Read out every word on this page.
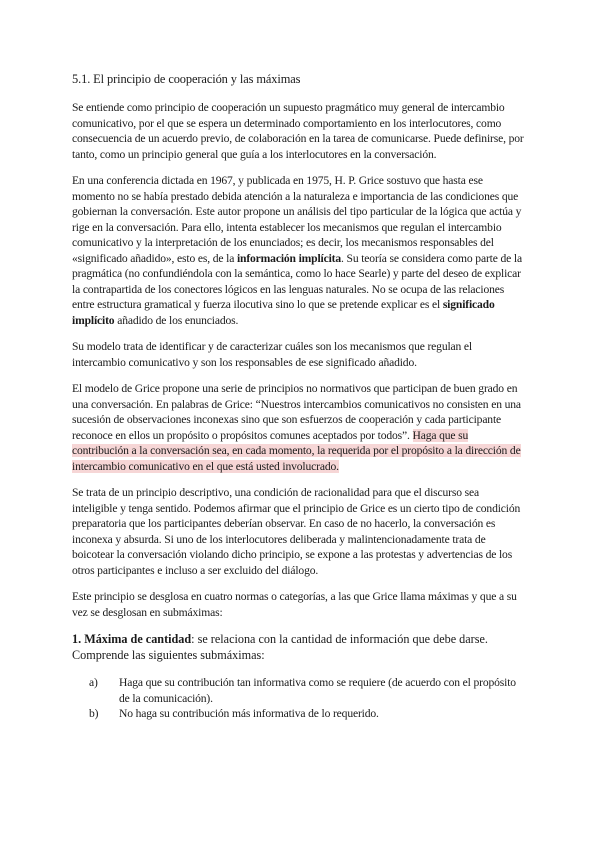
5.1. El principio de cooperación y las máximas

Se entiende como principio de cooperación un supuesto pragmático muy general de intercambio comunicativo, por el que se espera un determinado comportamiento en los interlocutores, como consecuencia de un acuerdo previo, de colaboración en la tarea de comunicarse. Puede definirse, por tanto, como un principio general que guía a los interlocutores en la conversación.

En una conferencia dictada en 1967, y publicada en 1975, H. P. Grice sostuvo que hasta ese momento no se había prestado debida atención a la naturaleza e importancia de las condiciones que gobiernan la conversación. Este autor propone un análisis del tipo particular de la lógica que actúa y rige en la conversación. Para ello, intenta establecer los mecanismos que regulan el intercambio comunicativo y la interpretación de los enunciados; es decir, los mecanismos responsables del «significado añadido», esto es, de la información implícita. Su teoría se considera como parte de la pragmática (no confundiéndola con la semántica, como lo hace Searle) y parte del deseo de explicar la contrapartida de los conectores lógicos en las lenguas naturales. No se ocupa de las relaciones entre estructura gramatical y fuerza ilocutiva sino lo que se pretende explicar es el significado implícito añadido de los enunciados.

Su modelo trata de identificar y de caracterizar cuáles son los mecanismos que regulan el intercambio comunicativo y son los responsables de ese significado añadido.

El modelo de Grice propone una serie de principios no normativos que participan de buen grado en una conversación. En palabras de Grice: “Nuestros intercambios comunicativos no consisten en una sucesión de observaciones inconexas sino que son esfuerzos de cooperación y cada participante reconoce en ellos un propósito o propósitos comunes aceptados por todos”. Haga que su contribución a la conversación sea, en cada momento, la requerida por el propósito a la dirección de intercambio comunicativo en el que está usted involucrado.

Se trata de un principio descriptivo, una condición de racionalidad para que el discurso sea inteligible y tenga sentido. Podemos afirmar que el principio de Grice es un cierto tipo de condición preparatoria que los participantes deberían observar. En caso de no hacerlo, la conversación es inconexa y absurda. Si uno de los interlocutores deliberada y malintencionadamente trata de boicotear la conversación violando dicho principio, se expone a las protestas y advertencias de los otros participantes e incluso a ser excluido del diálogo.

Este principio se desglosa en cuatro normas o categorías, a las que Grice llama máximas y que a su vez se desglosan en submáximas:

1. Máxima de cantidad: se relaciona con la cantidad de información que debe darse. Comprende las siguientes submáximas:
a) Haga que su contribución tan informativa como se requiere (de acuerdo con el propósito de la comunicación).
b) No haga su contribución más informativa de lo requerido.
